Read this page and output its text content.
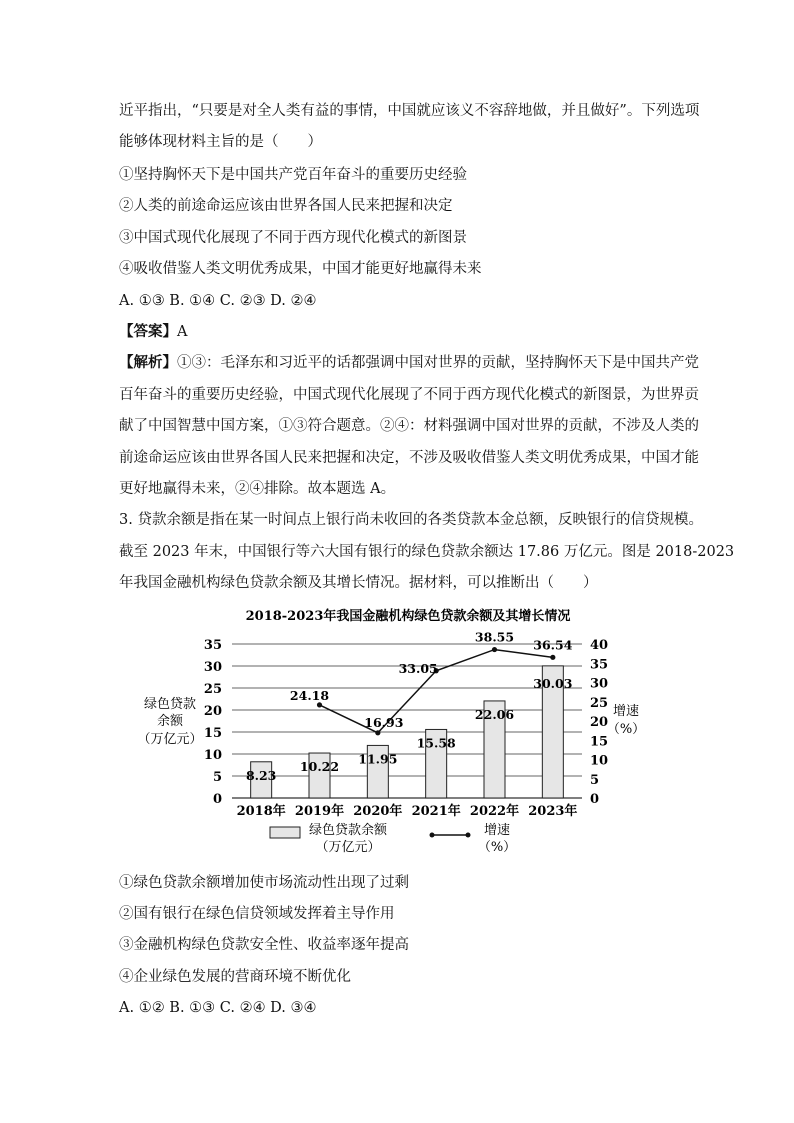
近平指出，“只要是对全人类有益的事情，中国就应该义不容辞地做，并且做好”。下列选项
能够体现材料主旨的是（　　）
①坚持胸怀天下是中国共产党百年奋斗的重要历史经验
②人类的前途命运应该由世界各国人民来把握和决定
③中国式现代化展现了不同于西方现代化模式的新图景
④吸收借鉴人类文明优秀成果，中国才能更好地赢得未来
A. ①③ B. ①④ C. ②③ D. ②④
【答案】A
【解析】①③：毛泽东和习近平的话都强调中国对世界的贡献，坚持胸怀天下是中国共产党
百年奋斗的重要历史经验，中国式现代化展现了不同于西方现代化模式的新图景，为世界贡
献了中国智慧中国方案，①③符合题意。②④：材料强调中国对世界的贡献，不涉及人类的
前途命运应该由世界各国人民来把握和决定，不涉及吸收借鉴人类文明优秀成果，中国才能
更好地赢得未来，②④排除。故本题选 A。
3. 贷款余额是指在某一时间点上银行尚未收回的各类贷款本金总额，反映银行的信贷规模。
截至 2023 年末，中国银行等六大国有银行的绿色贷款余额达 17.86 万亿元。图是 2018-2023
年我国金融机构绿色贷款余额及其增长情况。据材料，可以推断出（　　）
2018-2023年我国金融机构绿色贷款余额及其增长情况
绿色贷款
余额
（万亿元）
增速
（%）
0
5
10
15
20
25
30
35
0
5
10
15
20
25
30
35
40
8.23
10.22
11.95
15.58
22.06
30.03
24.18
16.93
33.05
38.55
36.54
2018年 2019年 2020年 2021年 2022年 2023年
绿色贷款余额
（万亿元）
增速
（%）
①绿色贷款余额增加使市场流动性出现了过剩
②国有银行在绿色信贷领域发挥着主导作用
③金融机构绿色贷款安全性、收益率逐年提高
④企业绿色发展的营商环境不断优化
A. ①② B. ①③ C. ②④ D. ③④
